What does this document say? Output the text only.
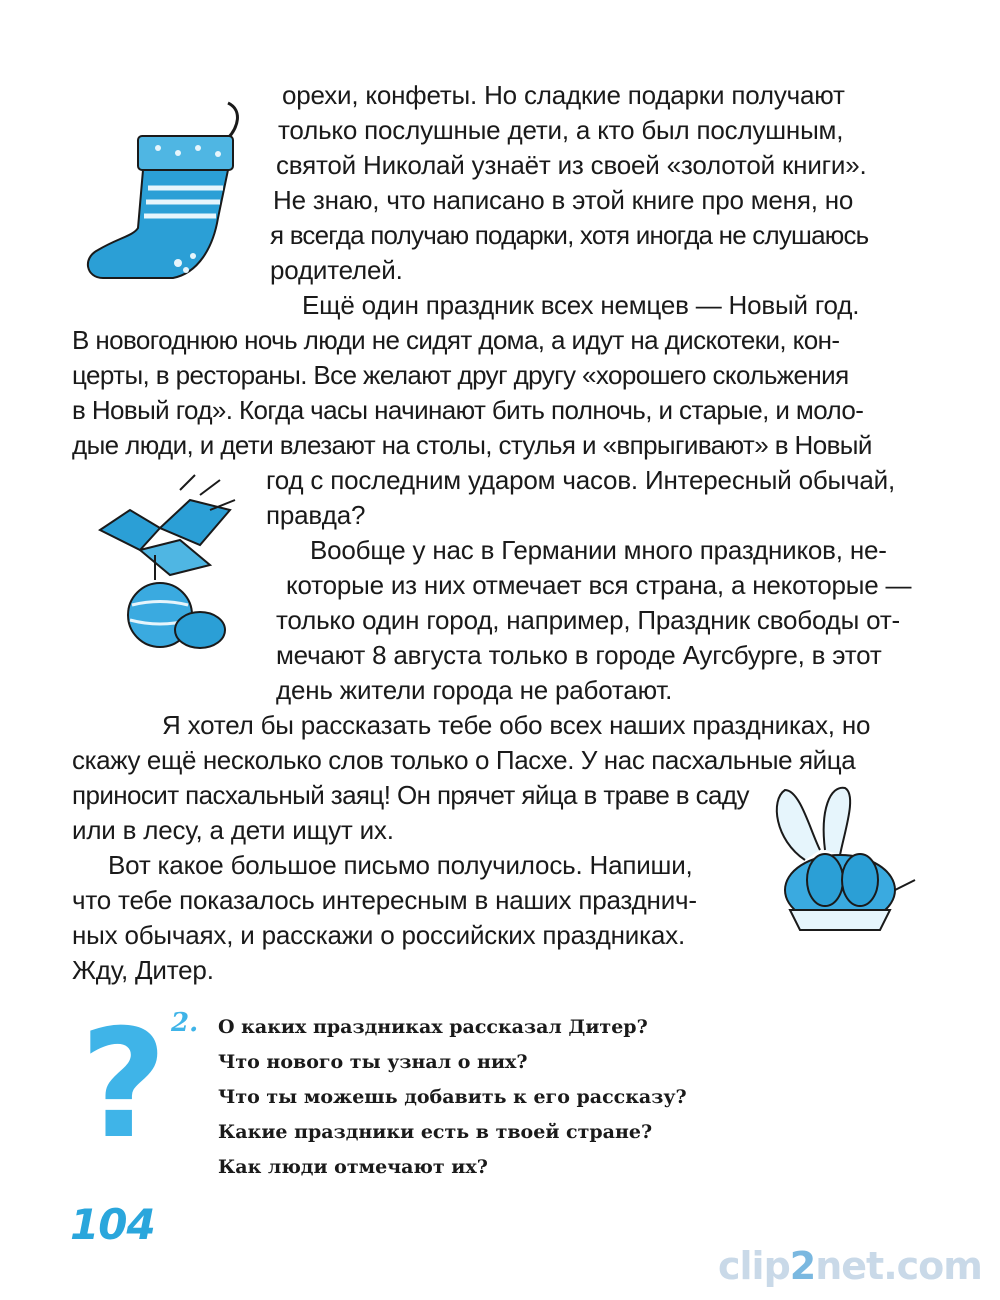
орехи, конфеты. Но сладкие подарки получают
только послушные дети, а кто был послушным,
святой Николай узнаёт из своей «золотой книги».
Не знаю, что написано в этой книге про меня, но
я всегда получаю подарки, хотя иногда не слушаюсь
родителей.
Ещё один праздник всех немцев — Новый год.
В новогоднюю ночь люди не сидят дома, а идут на дискотеки, кон-
церты, в рестораны. Все желают друг другу «хорошего скольжения
в Новый год». Когда часы начинают бить полночь, и старые, и моло-
дые люди, и дети влезают на столы, стулья и «впрыгивают» в Новый
год с последним ударом часов. Интересный обычай,
правда?
Вообще у нас в Германии много праздников, не-
которые из них отмечает вся страна, а некоторые —
только один город, например, Праздник свободы от-
мечают 8 августа только в городе Аугсбурге, в этот
день жители города не работают.
Я хотел бы рассказать тебе обо всех наших праздниках, но
скажу ещё несколько слов только о Пасхе. У нас пасхальные яйца
приносит пасхальный заяц! Он прячет яйца в траве в саду
или в лесу, а дети ищут их.
Вот какое большое письмо получилось. Напиши,
что тебе показалось интересным в наших празднич-
ных обычаях, и расскажи о российских праздниках.
Жду, Дитер.
? 2. О каких праздниках рассказал Дитер?
Что нового ты узнал о них?
Что ты можешь добавить к его рассказу?
Какие праздники есть в твоей стране?
Как люди отмечают их?
104
clip2net.com
